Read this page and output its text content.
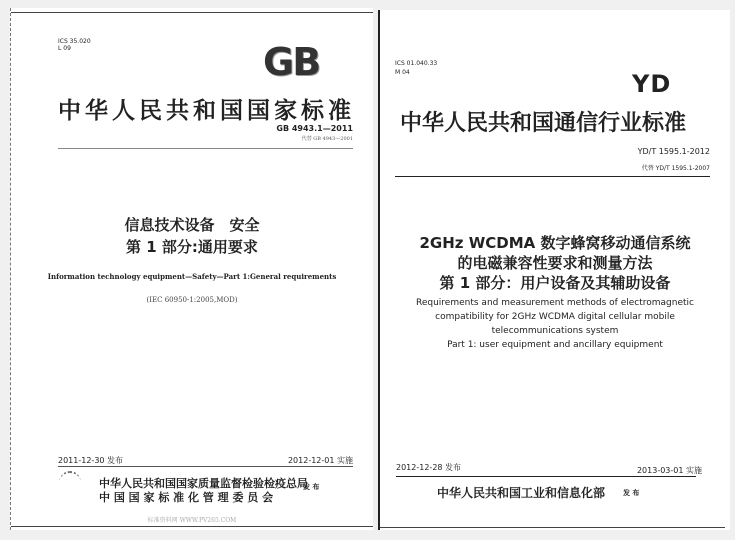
ICS 35.020
L 09	GB
中华人民共和国国家标准
GB 4943.1—2011
代替 GB 4943—2001
信息技术设备　安全
第 1 部分:通用要求
Information technology equipment—Safety—Part 1:General requirements
(IEC 60950-1:2005,MOD)
2011-12-30 发布	2012-12-01 实施
中华人民共和国国家质量监督检验检疫总局
中 国 国 家 标 准 化 管 理 委 员 会
发 布
标准资料网 WWW.PV265.COM
ICS 01.040.33
M 04	YD
中华人民共和国通信行业标准
YD/T 1595.1-2012
代替 YD/T 1595.1-2007
2GHz WCDMA 数字蜂窝移动通信系统
的电磁兼容性要求和测量方法
第 1 部分：用户设备及其辅助设备
Requirements and measurement methods of electromagnetic
compatibility for 2GHz WCDMA digital cellular mobile
telecommunications system
Part 1: user equipment and ancillary equipment
2012-12-28 发布	2013-03-01 实施
中华人民共和国工业和信息化部	发 布
